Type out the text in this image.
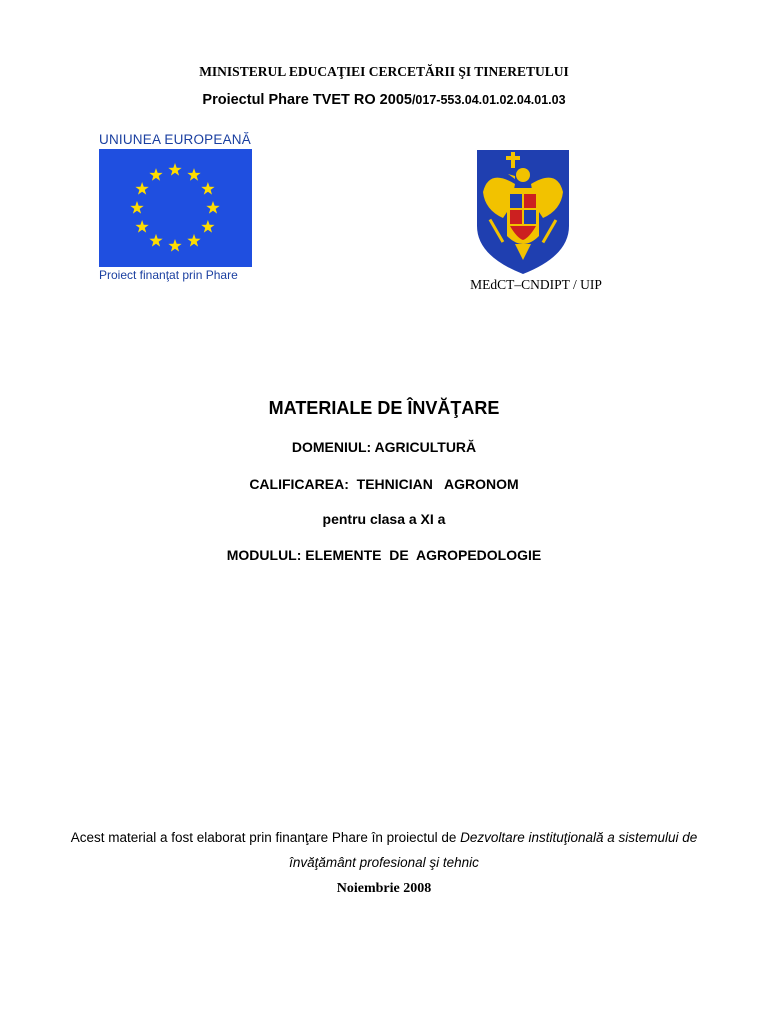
MINISTERUL EDUCAŢIEI CERCETĂRII ŞI TINERETULUI
Proiectul Phare TVET RO 2005/017-553.04.01.02.04.01.03
UNIUNEA EUROPEANĂ
Proiect finanţat prin Phare
MEdCT–CNDIPT / UIP
MATERIALE DE ÎNVĂŢARE
DOMENIUL: AGRICULTURĂ
CALIFICAREA:  TEHNICIAN   AGRONOM
pentru clasa a XI a
MODULUL: ELEMENTE  DE  AGROPEDOLOGIE
Acest material a fost elaborat prin finanţare Phare în proiectul de Dezvoltare instituţională a sistemului de
învăţământ profesional şi tehnic
Noiembrie 2008
